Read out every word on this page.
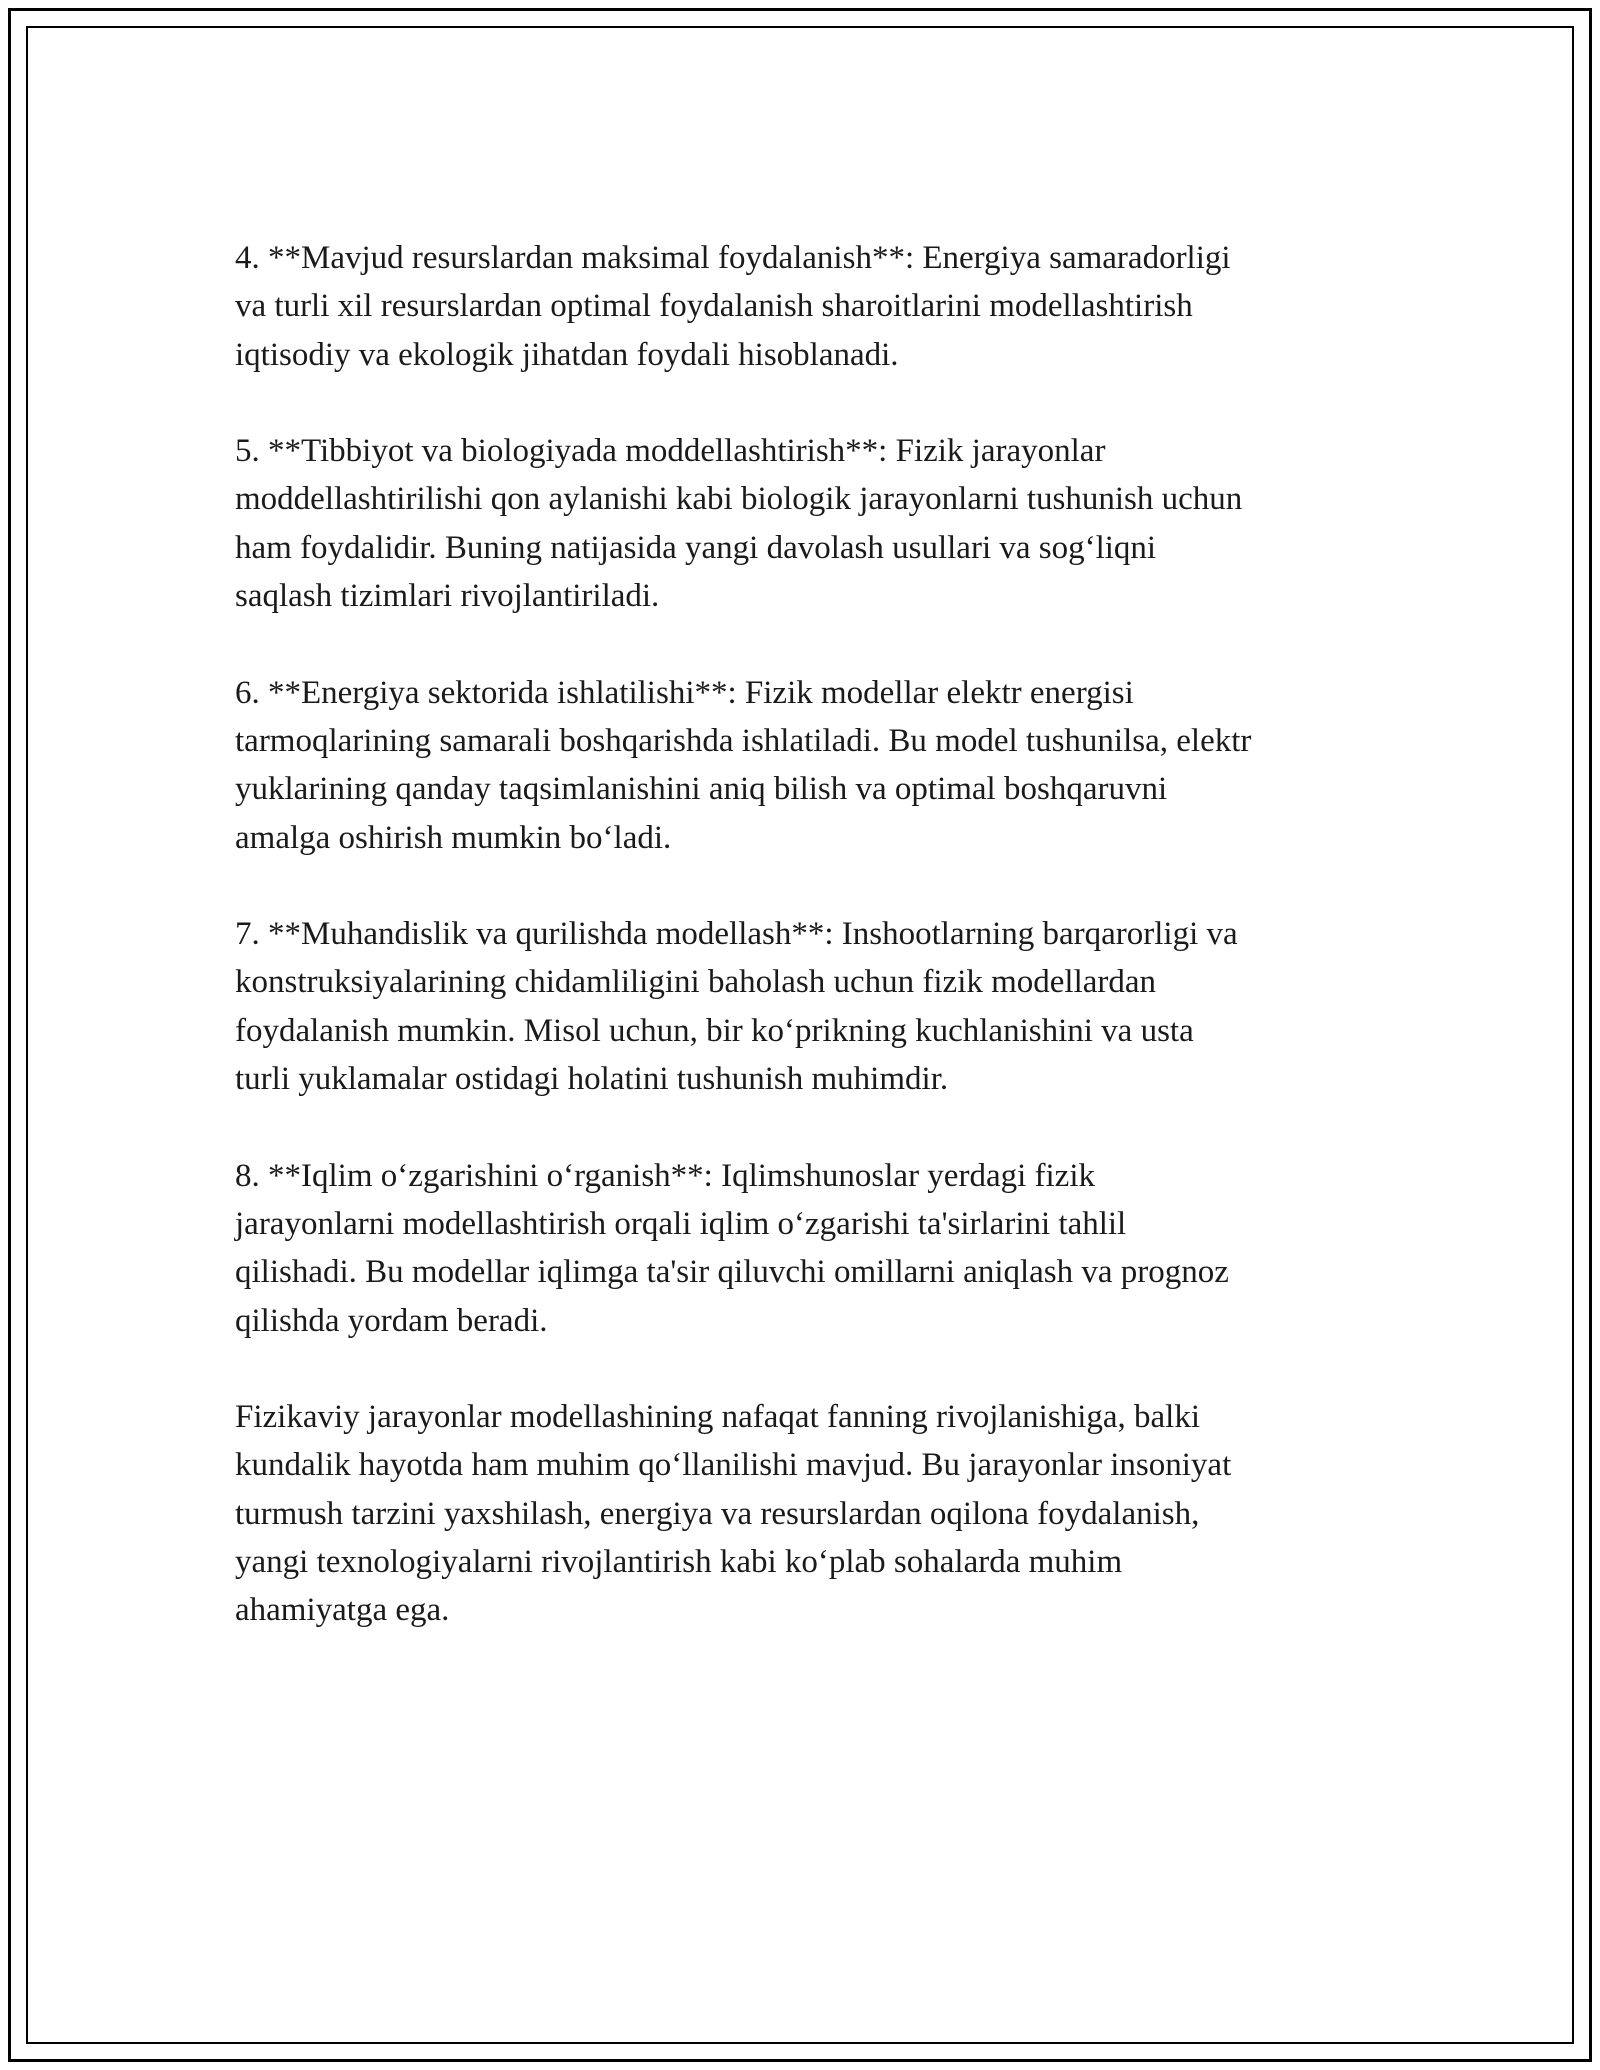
4. **Mavjud resurslardan maksimal foydalanish**: Energiya samaradorligi
va turli xil resurslardan optimal foydalanish sharoitlarini modellashtirish
iqtisodiy va ekologik jihatdan foydali hisoblanadi.

5. **Tibbiyot va biologiyada moddellashtirish**: Fizik jarayonlar
moddellashtirilishi qon aylanishi kabi biologik jarayonlarni tushunish uchun
ham foydalidir. Buning natijasida yangi davolash usullari va sog‘liqni
saqlash tizimlari rivojlantiriladi.

6. **Energiya sektorida ishlatilishi**: Fizik modellar elektr energisi
tarmoqlarining samarali boshqarishda ishlatiladi. Bu model tushunilsa, elektr
yuklarining qanday taqsimlanishini aniq bilish va optimal boshqaruvni
amalga oshirish mumkin bo‘ladi.

7. **Muhandislik va qurilishda modellash**: Inshootlarning barqarorligi va
konstruksiyalarining chidamliligini baholash uchun fizik modellardan
foydalanish mumkin. Misol uchun, bir ko‘prikning kuchlanishini va usta
turli yuklamalar ostidagi holatini tushunish muhimdir.

8. **Iqlim o‘zgarishini o‘rganish**: Iqlimshunoslar yerdagi fizik
jarayonlarni modellashtirish orqali iqlim o‘zgarishi ta'sirlarini tahlil
qilishadi. Bu modellar iqlimga ta'sir qiluvchi omillarni aniqlash va prognoz
qilishda yordam beradi.

Fizikaviy jarayonlar modellashining nafaqat fanning rivojlanishiga, balki
kundalik hayotda ham muhim qo‘llanilishi mavjud. Bu jarayonlar insoniyat
turmush tarzini yaxshilash, energiya va resurslardan oqilona foydalanish,
yangi texnologiyalarni rivojlantirish kabi ko‘plab sohalarda muhim
ahamiyatga ega.
